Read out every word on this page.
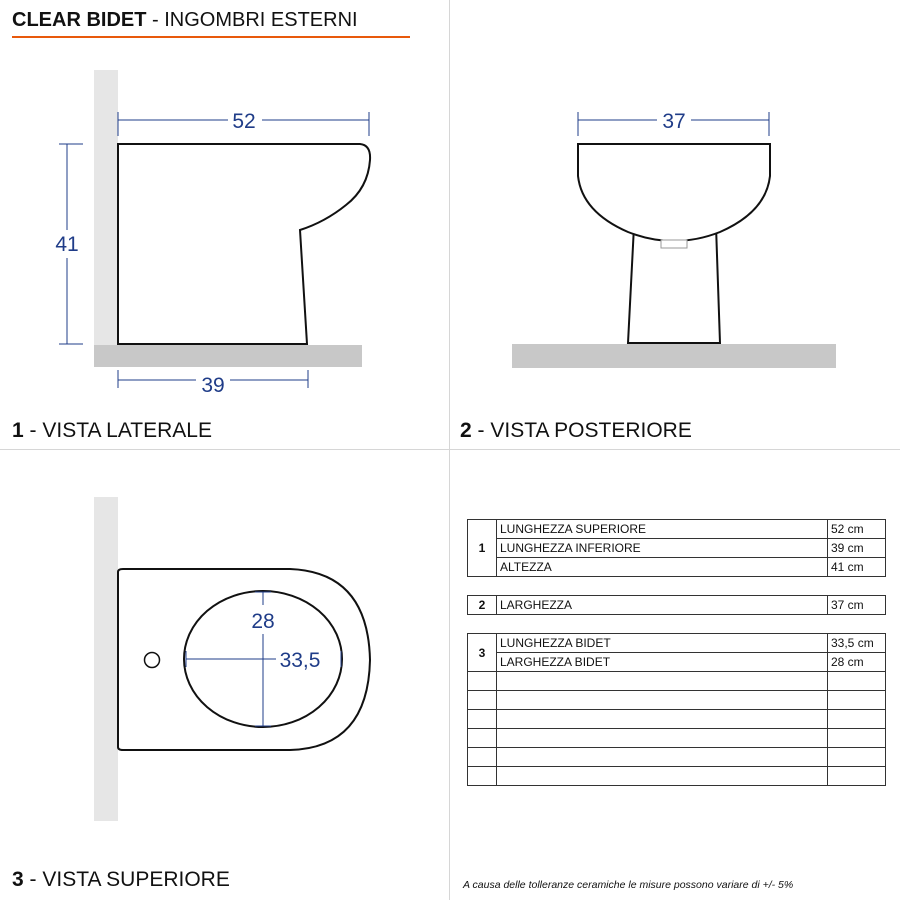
CLEAR BIDET - INGOMBRI ESTERNI
52
41
39
37
28
33,5
1 - VISTA LATERALE	2 - VISTA POSTERIORE
3 - VISTA SUPERIORE
1	LUNGHEZZA SUPERIORE	52 cm
	LUNGHEZZA INFERIORE	39 cm
	ALTEZZA	41 cm

2	LARGHEZZA	37 cm

3	LUNGHEZZA BIDET	33,5 cm
	LARGHEZZA BIDET	28 cm

A causa delle tolleranze ceramiche le misure possono variare di +/- 5%
